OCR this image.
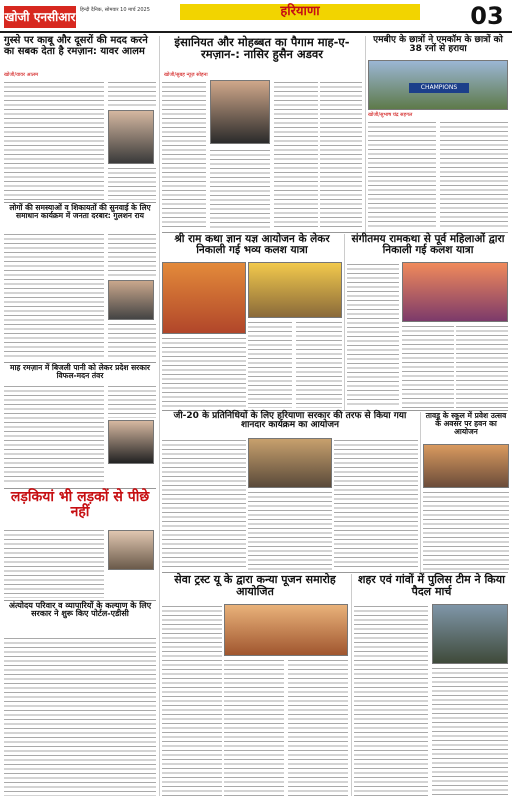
खोजी एनसीआर हिन्दी दैनिक, सोमवार 10 मार्च 2025	हरियाणा	03
गुस्से पर काबू और दूसरों की मदद करने का सबक देता है रमज़ान: यावर आलम
खोजी/यावर आलम
लोगों की समस्याओं व शिकायतों की सुनवाई के लिए समाधान कार्यक्रम में जनता दरबार: गुलशन राय
माह रमज़ान में बिजली पानी को लेकर प्रदेश सरकार विफल-मदन तंवर
लड़कियां भी लड़कों से पीछे नहीं
अंत्योदय परिवार व व्यापारियों के कल्याण के लिए सरकार ने शुरू किए पोर्टल-एडीसी
इंसानियत और मोहब्बत का पैगाम माह-ए-रमज़ान-: नासिर हुसैन अडवर
खोजी/सुबह न्यूज़ सोहना
एमबीए के छात्रों ने एमकॉम के छात्रों को 38 रनों से हराया
CHAMPIONS
खोजी/सुभाष चंद्र सहगल
श्री राम कथा ज्ञान यज्ञ आयोजन के लेकर निकाली गई भव्य कलश यात्रा
संगीतमय रामकथा से पूर्व महिलाओं द्वारा निकाली गई कलश यात्रा
जी-20 के प्रतिनिधियों के लिए हरियाणा सरकार की तरफ से किया गया शानदार कार्यक्रम का आयोजन
तावडू के स्कूल में प्रवेश उत्सव के अवसर पर हवन का आयोजन
सेवा ट्रस्ट यू के द्वारा कन्या पूजन समारोह आयोजित
शहर एवं गांवों में पुलिस टीम ने किया पैदल मार्च
